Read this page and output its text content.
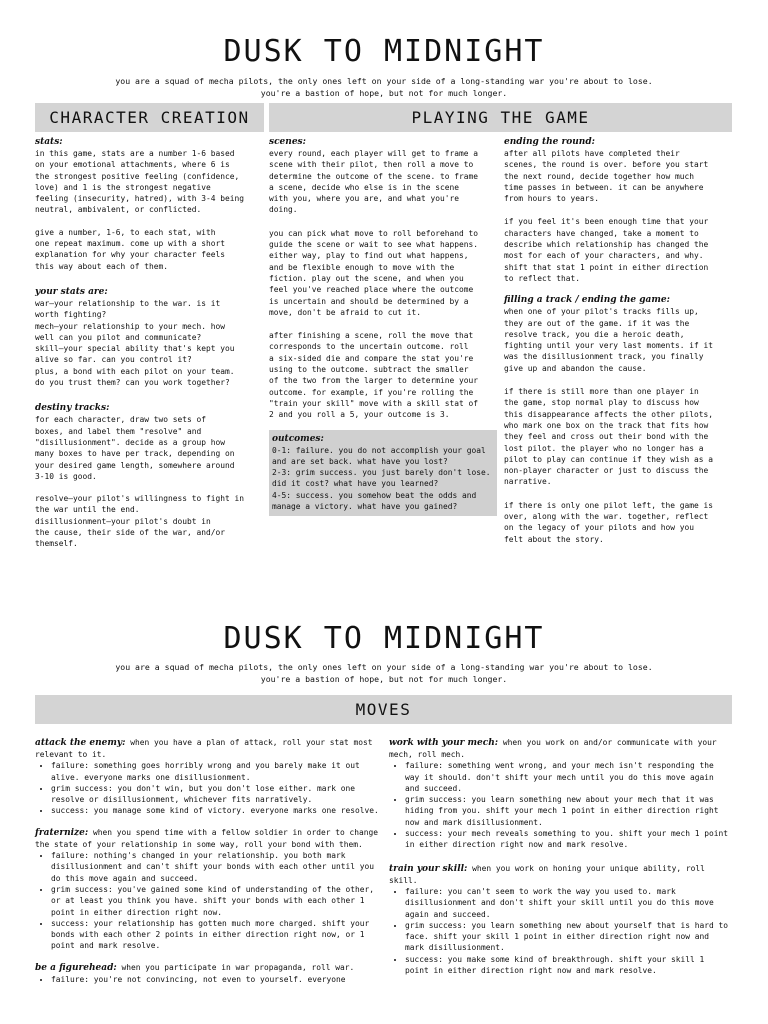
DUSK TO MIDNIGHT

you are a squad of mecha pilots, the only ones left on your side of a long-standing war you're about to lose. you're a bastion of hope, but not for much longer.

CHARACTER CREATION	PLAYING THE GAME
stats:

in this game, stats are a number 1-6 based
on your emotional attachments, where 6 is
the strongest positive feeling (confidence,
love) and 1 is the strongest negative
feeling (insecurity, hatred), with 3-4 being
neutral, ambivalent, or conflicted.

give a number, 1-6, to each stat, with
one repeat maximum. come up with a short
explanation for why your character feels
this way about each of them.

your stats are:

war—your relationship to the war. is it
worth fighting?
mech—your relationship to your mech. how
well can you pilot and communicate?
skill—your special ability that's kept you
alive so far. can you control it?
plus, a bond with each pilot on your team.
do you trust them? can you work together?

destiny tracks:

for each character, draw two sets of
boxes, and label them "resolve" and
"disillusionment". decide as a group how
many boxes to have per track, depending on
your desired game length, somewhere around
3-10 is good.

resolve—your pilot's willingness to fight in
the war until the end.
disillusionment—your pilot's doubt in
the cause, their side of the war, and/or
themself.

scenes:

every round, each player will get to frame a
scene with their pilot, then roll a move to
determine the outcome of the scene. to frame
a scene, decide who else is in the scene
with you, where you are, and what you're
doing.

you can pick what move to roll beforehand to
guide the scene or wait to see what happens.
either way, play to find out what happens,
and be flexible enough to move with the
fiction. play out the scene, and when you
feel you've reached place where the outcome
is uncertain and should be determined by a
move, don't be afraid to cut it.

after finishing a scene, roll the move that
corresponds to the uncertain outcome. roll
a six-sided die and compare the stat you're
using to the outcome. subtract the smaller
of the two from the larger to determine your
outcome. for example, if you're rolling the
"train your skill" move with a skill stat of
2 and you roll a 5, your outcome is 3.

outcomes:

0-1: failure. you do not accomplish your goal
and are set back. what have you lost?
2-3: grim success. you just barely don't lose.
did it cost? what have you learned?
4-5: success. you somehow beat the odds and
manage a victory. what have you gained?

ending the round:

after all pilots have completed their
scenes, the round is over. before you start
the next round, decide together how much
time passes in between. it can be anywhere
from hours to years.

if you feel it's been enough time that your
characters have changed, take a moment to
describe which relationship has changed the
most for each of your characters, and why.
shift that stat 1 point in either direction
to reflect that.

filling a track / ending the game:

when one of your pilot's tracks fills up,
they are out of the game. if it was the
resolve track, you die a heroic death,
fighting until your very last moments. if it
was the disillusionment track, you finally
give up and abandon the cause.

if there is still more than one player in
the game, stop normal play to discuss how
this disappearance affects the other pilots,
who mark one box on the track that fits how
they feel and cross out their bond with the
lost pilot. the player who no longer has a
pilot to play can continue if they wish as a
non-player character or just to discuss the
narrative.

if there is only one pilot left, the game is
over, along with the war. together, reflect
on the legacy of your pilots and how you
felt about the story.

DUSK TO MIDNIGHT

you are a squad of mecha pilots, the only ones left on your side of a long-standing war you're about to lose. you're a bastion of hope, but not for much longer.

MOVES
attack the enemy: when you have a plan of attack, roll your stat most relevant to it.
• failure: something goes horribly wrong and you barely make it out alive. everyone marks one disillusionment.
• grim success: you don't win, but you don't lose either. mark one resolve or disillusionment, whichever fits narratively.
• success: you manage some kind of victory. everyone marks one resolve.
fraternize: when you spend time with a fellow soldier in order to change the state of your relationship in some way, roll your bond with them.
• failure: nothing's changed in your relationship. you both mark disillusionment and can't shift your bonds with each other until you do this move again and succeed.
• grim success: you've gained some kind of understanding of the other, or at least you think you have. shift your bonds with each other 1 point in either direction right now.
• success: your relationship has gotten much more charged. shift your bonds with each other 2 points in either direction right now, or 1 point and mark resolve.
be a figurehead: when you participate in war propaganda, roll war.
• failure: you're not convincing, not even to yourself. everyone
work with your mech: when you work on and/or communicate with your mech, roll mech.
• failure: something went wrong, and your mech isn't responding the way it should. don't shift your mech until you do this move again and succeed.
• grim success: you learn something new about your mech that it was hiding from you. shift your mech 1 point in either direction right now and mark disillusionment.
• success: your mech reveals something to you. shift your mech 1 point in either direction right now and mark resolve.
train your skill: when you work on honing your unique ability, roll skill.
• failure: you can't seem to work the way you used to. mark disillusionment and don't shift your skill until you do this move again and succeed.
• grim success: you learn something new about yourself that is hard to face. shift your skill 1 point in either direction right now and mark disillusionment.
• success: you make some kind of breakthrough. shift your skill 1 point in either direction right now and mark resolve.
